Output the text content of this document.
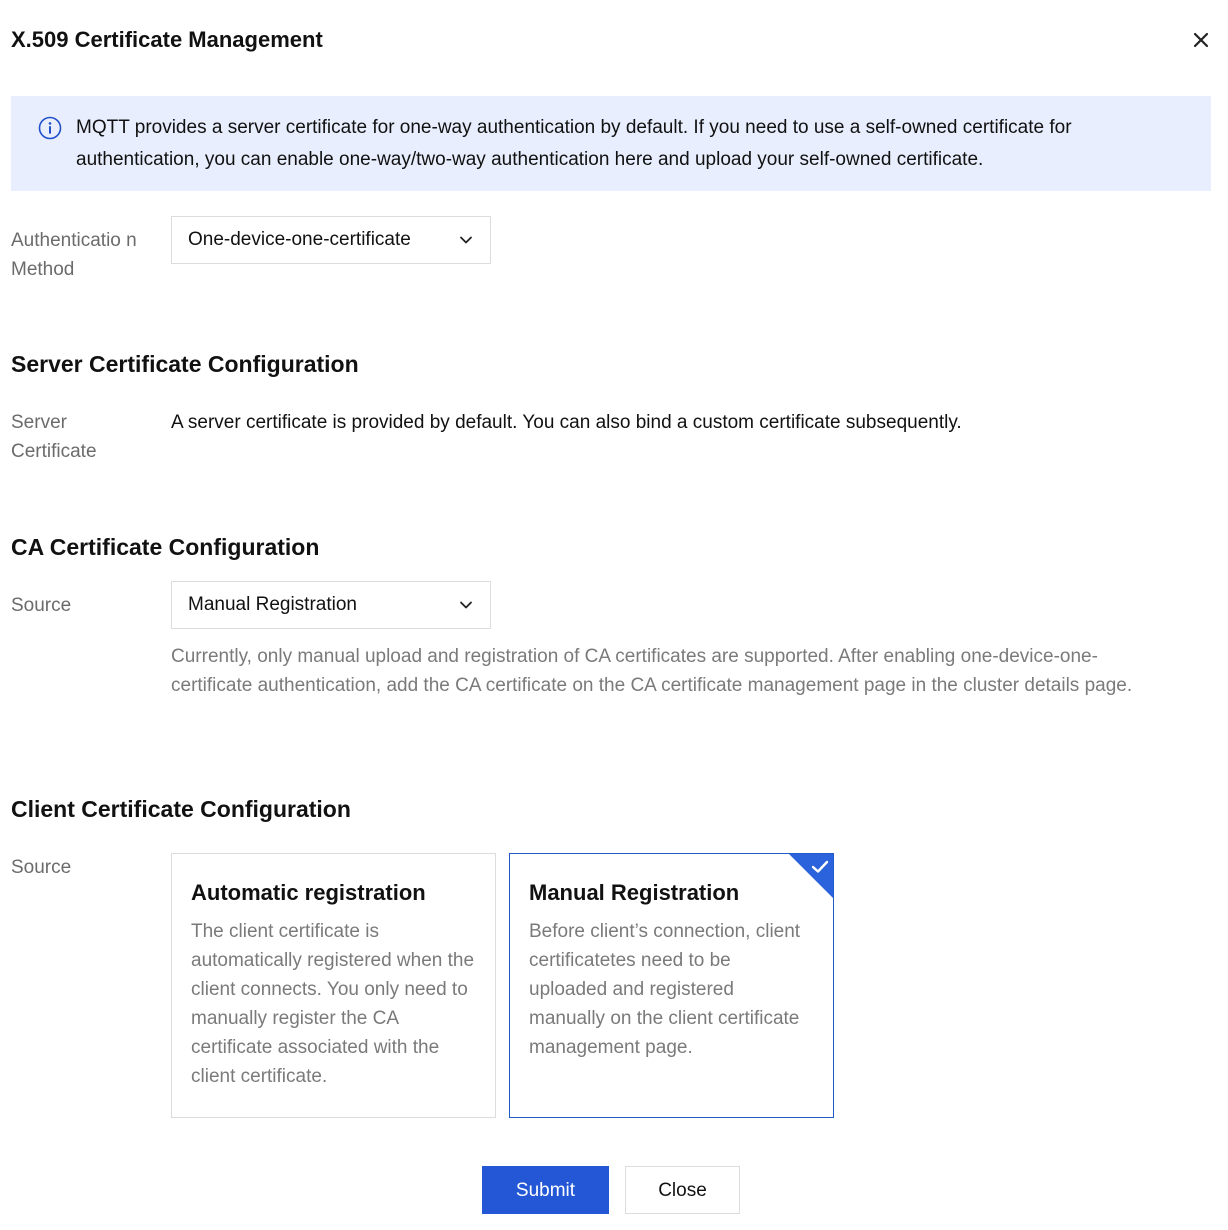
X.509 Certificate Management
MQTT provides a server certificate for one-way authentication by default. If you need to use a self-owned certificate for authentication, you can enable one-way/two-way authentication here and upload your self-owned certificate.
Authenticatio n Method
One-device-one-certificate
Server Certificate Configuration
Server Certificate
A server certificate is provided by default. You can also bind a custom certificate subsequently.
CA Certificate Configuration
Source	Manual Registration
Currently, only manual upload and registration of CA certificates are supported. After enabling one-device-one-certificate authentication, add the CA certificate on the CA certificate management page in the cluster details page.
Client Certificate Configuration
Source
Automatic registration
The client certificate is automatically registered when the client connects. You only need to manually register the CA certificate associated with the client certificate.
Manual Registration
Before client’s connection, client certificatetes need to be uploaded and registered manually on the client certificate management page.
Submit	Close
